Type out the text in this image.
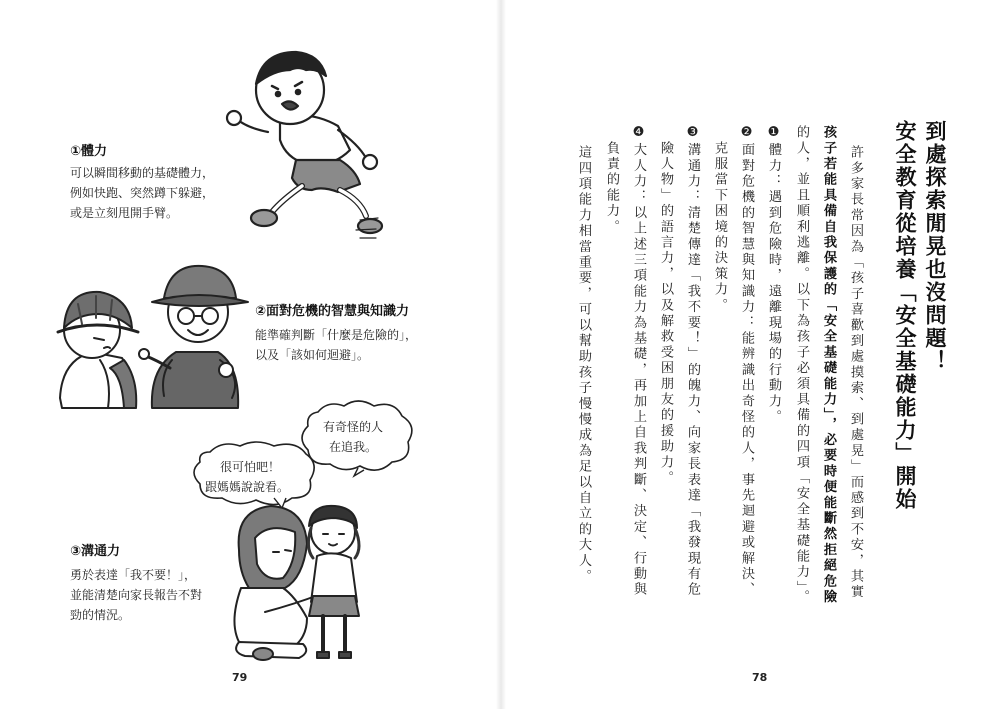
①體力
可以瞬間移動的基礎體力，
例如快跑、突然蹲下躲避，
或是立刻甩開手臂。
②面對危機的智慧與知識力
能準確判斷「什麼是危險的」，
以及「該如何迴避」。
有奇怪的人
在追我。
很可怕吧！
跟媽媽說說看。
③溝通力
勇於表達「我不要！」，
並能清楚向家長報告不對
勁的情況。
79
到處探索閒晃也沒問題！
安全教育從培養「安全基礎能力」開始
許多家長常因為「孩子喜歡到處摸索、到處晃」而感到不安，其實
孩子若能具備自我保護的「安全基礎能力」，必要時便能斷然拒絕危險
的人，並且順利逃離。以下為孩子必須具備的四項「安全基礎能力」。
❶體力：遇到危險時，遠離現場的行動力。
❷面對危機的智慧與知識力：能辨識出奇怪的人，事先迴避或解決、
　克服當下困境的決策力。
❸溝通力：清楚傳達「我不要！」的魄力、向家長表達「我發現有危
　險人物」的語言力，以及解救受困朋友的援助力。
❹大人力：以上述三項能力為基礎，再加上自我判斷、決定、行動與
　負責的能力。
這四項能力相當重要，可以幫助孩子慢慢成為足以自立的大人。
78
